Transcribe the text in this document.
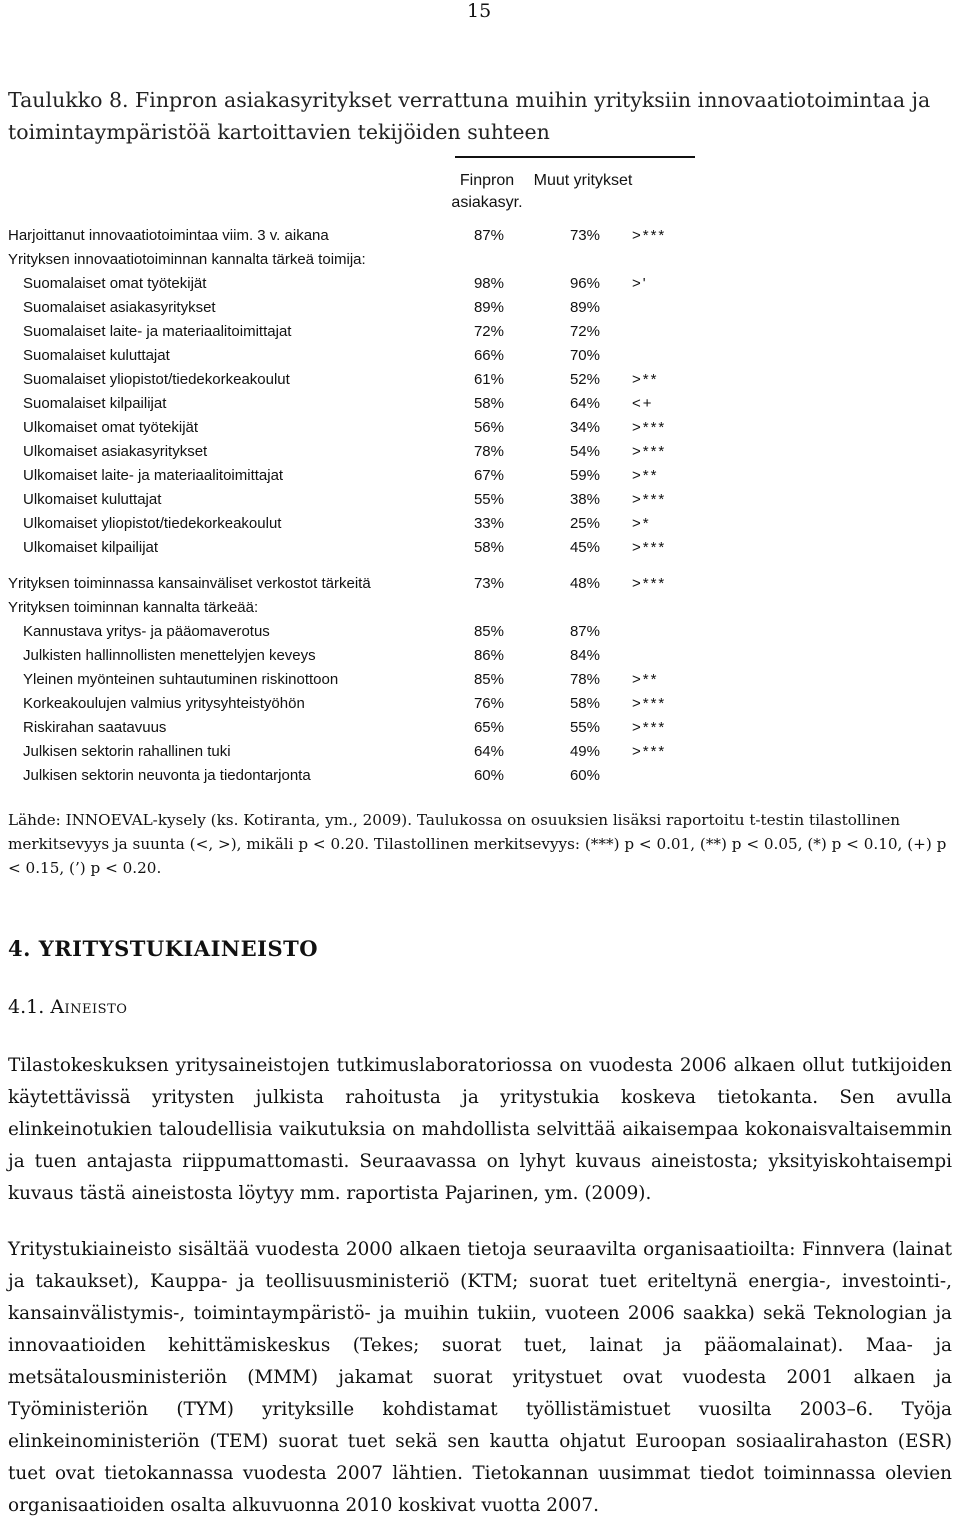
15
Taulukko 8. Finpron asiakasyritykset verrattuna muihin yrityksiin innovaatiotoimintaa ja toimintaympäristöä kartoittavien tekijöiden suhteen
Finpron asiakasyr.
Muut yritykset
Harjoittanut innovaatiotoimintaa viim. 3 v. aikana	87%	73% >***
Yrityksen innovaatiotoiminnan kannalta tärkeä toimija:
Suomalaiset omat työtekijät	98%	96% >'
Suomalaiset asiakasyritykset	89%	89%
Suomalaiset laite- ja materiaalitoimittajat	72%	72%
Suomalaiset kuluttajat	66%	70%
Suomalaiset yliopistot/tiedekorkeakoulut	61%	52% >**
Suomalaiset kilpailijat	58%	64% <+
Ulkomaiset omat työtekijät	56%	34% >***
Ulkomaiset asiakasyritykset	78%	54% >***
Ulkomaiset laite- ja materiaalitoimittajat	67%	59% >**
Ulkomaiset kuluttajat	55%	38% >***
Ulkomaiset yliopistot/tiedekorkeakoulut	33%	25% >*
Ulkomaiset kilpailijat	58%	45% >***
Yrityksen toiminnassa kansainväliset verkostot tärkeitä	73%	48% >***
Yrityksen toiminnan kannalta tärkeää:
Kannustava yritys- ja pääomaverotus	85%	87%
Julkisten hallinnollisten menettelyjen keveys	86%	84%
Yleinen myönteinen suhtautuminen riskinottoon	85%	78% >**
Korkeakoulujen valmius yritysyhteistyöhön	76%	58% >***
Riskirahan saatavuus	65%	55% >***
Julkisen sektorin rahallinen tuki	64%	49% >***
Julkisen sektorin neuvonta ja tiedontarjonta	60%	60%
Lähde: INNOEVAL-kysely (ks. Kotiranta, ym., 2009). Taulukossa on osuuksien lisäksi raportoitu t-testin tilastollinen merkitsevyys ja suunta (<, >), mikäli p < 0.20. Tilastollinen merkitsevyys: (***) p < 0.01, (**) p < 0.05, (*) p < 0.10, (+) p < 0.15, (’) p < 0.20.
4. YRITYSTUKIAINEISTO
4.1. Aineisto
Tilastokeskuksen yritysaineistojen tutkimuslaboratoriossa on vuodesta 2006 alkaen ollut tutkijoiden käytettävissä yritysten julkista rahoitusta ja yritystukia koskeva tietokanta. Sen avulla elinkeinotukien taloudellisia vaikutuksia on mahdollista selvittää aikaisempaa kokonaisvaltaisemmin ja tuen antajasta riippumattomasti. Seuraavassa on lyhyt kuvaus aineistosta; yksityiskohtaisempi kuvaus tästä aineistosta löytyy mm. raportista Pajarinen, ym. (2009).
Yritystukiaineisto sisältää vuodesta 2000 alkaen tietoja seuraavilta organisaatioilta: Finnvera (lainat ja takaukset), Kauppa- ja teollisuusministeriö (KTM; suorat tuet eriteltynä energia-, investointi-, kansainvälistymis-, toimintaympäristö- ja muihin tukiin, vuoteen 2006 saakka) sekä Teknologian ja innovaatioiden kehittämiskeskus (Tekes; suorat tuet, lainat ja pääomalainat). Maa- ja metsätalousministeriön (MMM) jakamat suorat yritystuet ovat vuodesta 2001 alkaen ja Työministeriön (TYM) yrityksille kohdistamat työllistämistuet vuosilta 2003–6. Työja elinkeinoministeriön (TEM) suorat tuet sekä sen kautta ohjatut Euroopan sosiaalirahaston (ESR) tuet ovat tietokannassa vuodesta 2007 lähtien. Tietokannan uusimmat tiedot toiminnassa olevien organisaatioiden osalta alkuvuonna 2010 koskivat vuotta 2007.
